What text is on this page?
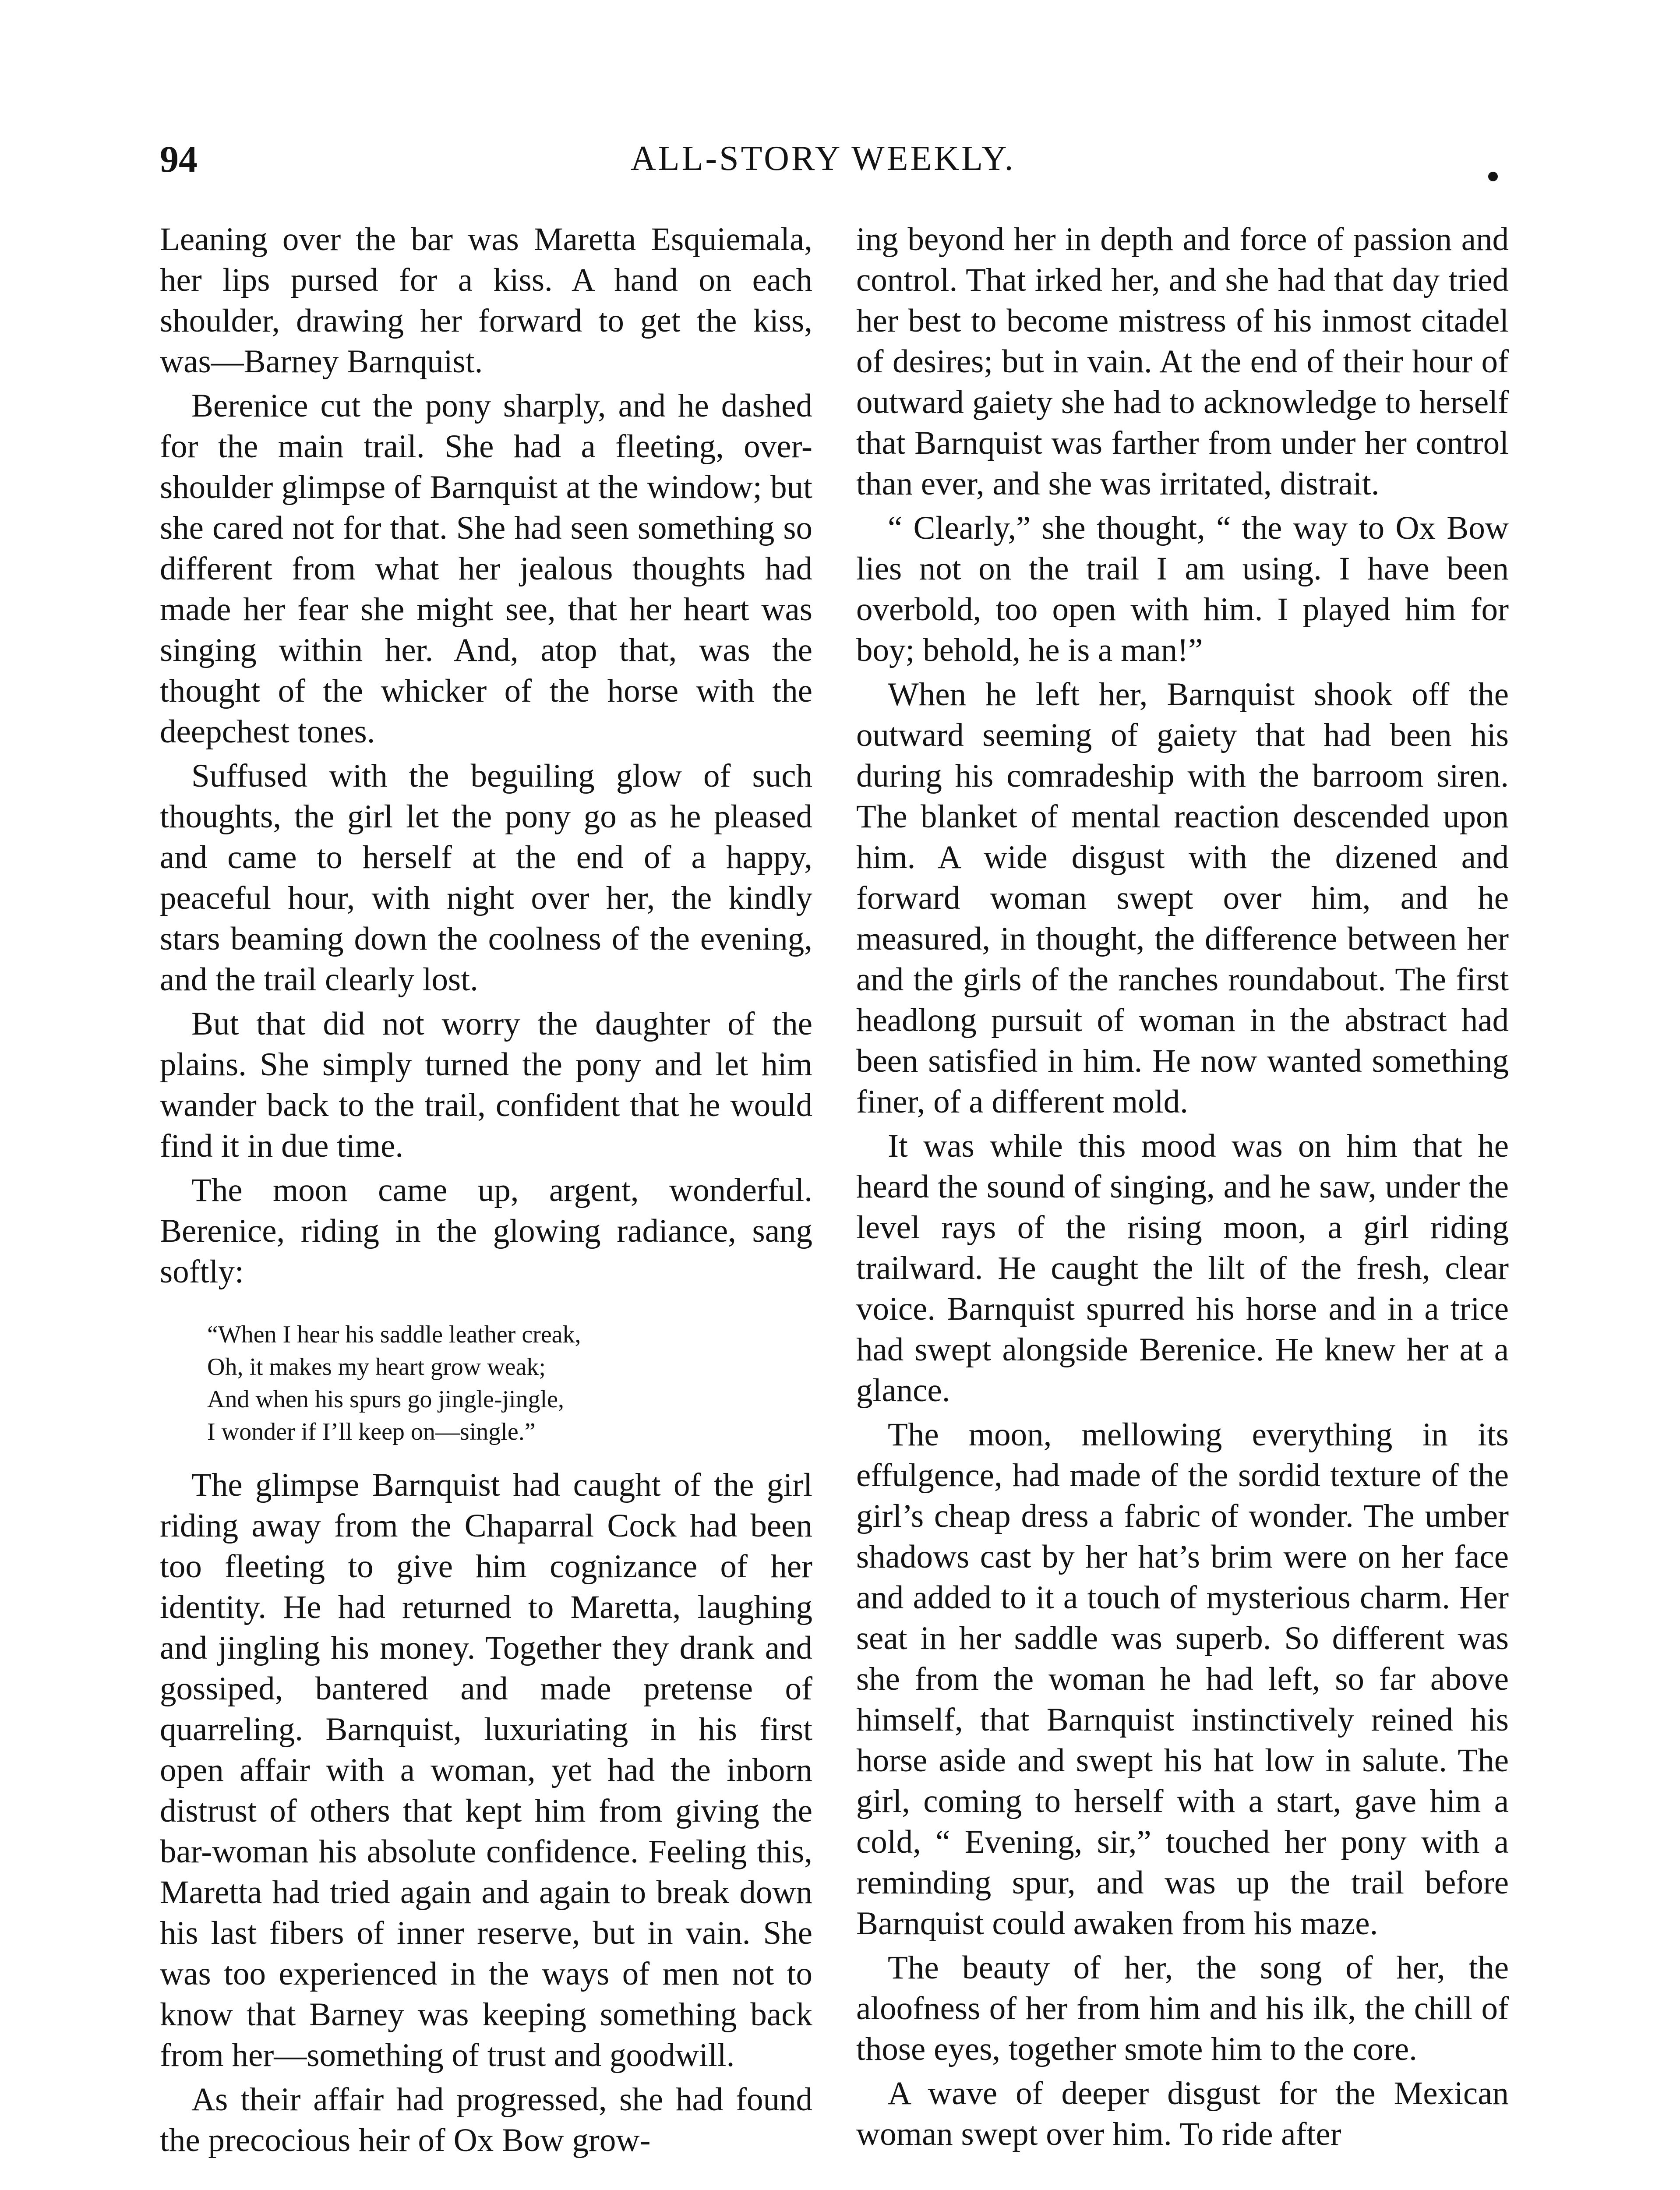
94	ALL-STORY WEEKLY.

Leaning over the bar was Maretta Esquiemala, her lips pursed for a kiss. A hand on each shoulder, drawing her forward to get the kiss, was—Barney Barnquist.

Berenice cut the pony sharply, and he dashed for the main trail. She had a fleeting, over-shoulder glimpse of Barnquist at the window; but she cared not for that. She had seen something so different from what her jealous thoughts had made her fear she might see, that her heart was singing within her. And, atop that, was the thought of the whicker of the horse with the deepchest tones.

Suffused with the beguiling glow of such thoughts, the girl let the pony go as he pleased and came to herself at the end of a happy, peaceful hour, with night over her, the kindly stars beaming down the coolness of the evening, and the trail clearly lost.

But that did not worry the daughter of the plains. She simply turned the pony and let him wander back to the trail, confident that he would find it in due time.

The moon came up, argent, wonderful. Berenice, riding in the glowing radiance, sang softly:

“When I hear his saddle leather creak,
Oh, it makes my heart grow weak;
And when his spurs go jingle-jingle,
I wonder if I’ll keep on—single.”

The glimpse Barnquist had caught of the girl riding away from the Chaparral Cock had been too fleeting to give him cognizance of her identity. He had returned to Maretta, laughing and jingling his money. Together they drank and gossiped, bantered and made pretense of quarreling. Barnquist, luxuriating in his first open affair with a woman, yet had the inborn distrust of others that kept him from giving the bar-woman his absolute confidence. Feeling this, Maretta had tried again and again to break down his last fibers of inner reserve, but in vain. She was too experienced in the ways of men not to know that Barney was keeping something back from her—something of trust and goodwill.

As their affair had progressed, she had found the precocious heir of Ox Bow grow-

ing beyond her in depth and force of passion and control. That irked her, and she had that day tried her best to become mistress of his inmost citadel of desires; but in vain. At the end of their hour of outward gaiety she had to acknowledge to herself that Barnquist was farther from under her control than ever, and she was irritated, distrait.

“ Clearly,” she thought, “ the way to Ox Bow lies not on the trail I am using. I have been overbold, too open with him. I played him for boy; behold, he is a man!”

When he left her, Barnquist shook off the outward seeming of gaiety that had been his during his comradeship with the barroom siren. The blanket of mental reaction descended upon him. A wide disgust with the dizened and forward woman swept over him, and he measured, in thought, the difference between her and the girls of the ranches roundabout. The first headlong pursuit of woman in the abstract had been satisfied in him. He now wanted something finer, of a different mold.

It was while this mood was on him that he heard the sound of singing, and he saw, under the level rays of the rising moon, a girl riding trailward. He caught the lilt of the fresh, clear voice. Barnquist spurred his horse and in a trice had swept alongside Berenice. He knew her at a glance.

The moon, mellowing everything in its effulgence, had made of the sordid texture of the girl’s cheap dress a fabric of wonder. The umber shadows cast by her hat’s brim were on her face and added to it a touch of mysterious charm. Her seat in her saddle was superb. So different was she from the woman he had left, so far above himself, that Barnquist instinctively reined his horse aside and swept his hat low in salute. The girl, coming to herself with a start, gave him a cold, “ Evening, sir,” touched her pony with a reminding spur, and was up the trail before Barnquist could awaken from his maze.

The beauty of her, the song of her, the aloofness of her from him and his ilk, the chill of those eyes, together smote him to the core.

A wave of deeper disgust for the Mexican woman swept over him. To ride after
